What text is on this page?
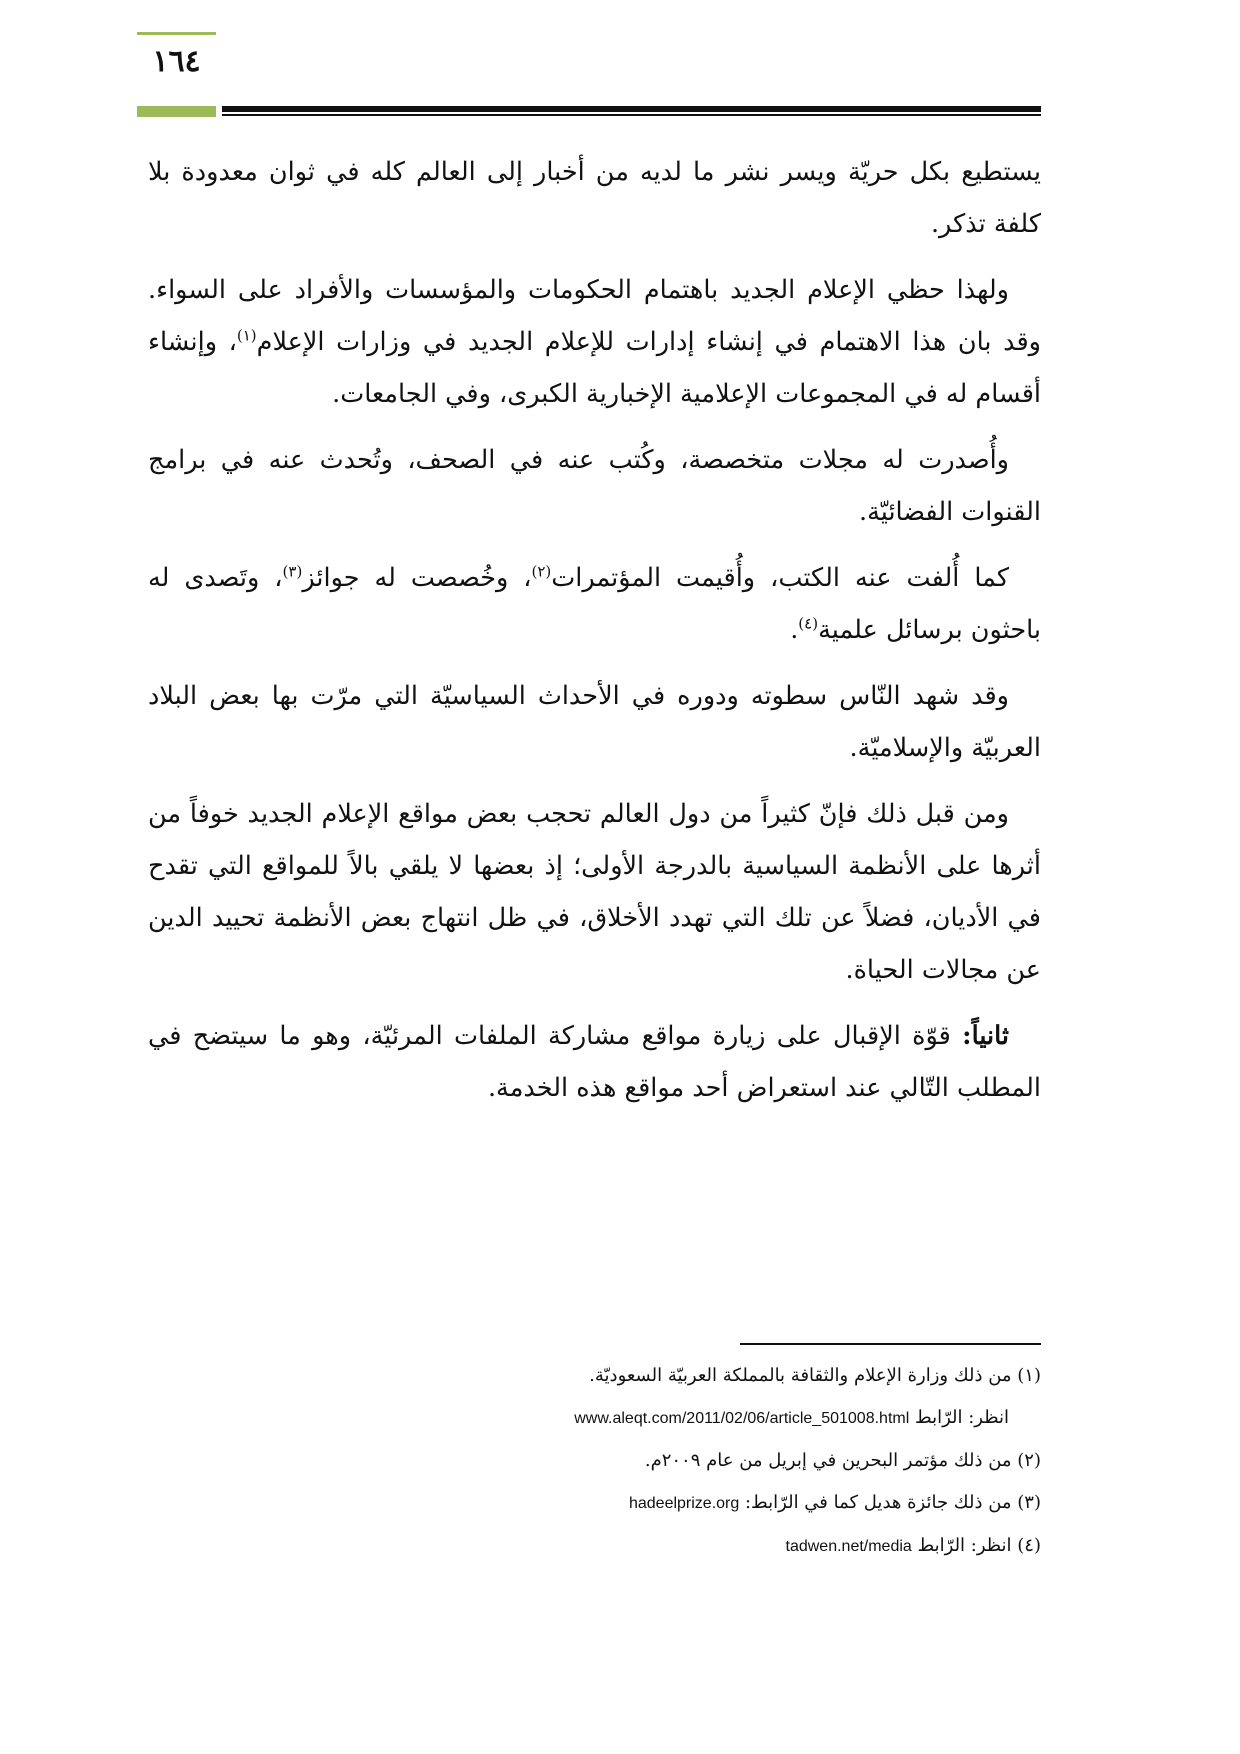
١٦٤

يستطيع بكل حريّة ويسر نشر ما لديه من أخبار إلى العالم كله في ثوان معدودة بلا كلفة تذكر.

ولهذا حظي الإعلام الجديد باهتمام الحكومات والمؤسسات والأفراد على السواء. وقد بان هذا الاهتمام في إنشاء إدارات للإعلام الجديد في وزارات الإعلام$^{(١)}$، وإنشاء أقسام له في المجموعات الإعلامية الإخبارية الكبرى، وفي الجامعات.

وأُصدرت له مجلات متخصصة، وكُتب عنه في الصحف، وتُحدث عنه في برامج القنوات الفضائيّة.

كما أُلفت عنه الكتب، وأُقيمت المؤتمرات$^{(٢)}$، وخُصصت له جوائز$^{(٣)}$، وتَصدى له باحثون برسائل علمية$^{(٤)}$.

وقد شهد النّاس سطوته ودوره في الأحداث السياسيّة التي مرّت بها بعض البلاد العربيّة والإسلاميّة.

ومن قبل ذلك فإنّ كثيراً من دول العالم تحجب بعض مواقع الإعلام الجديد خوفاً من أثرها على الأنظمة السياسية بالدرجة الأولى؛ إذ بعضها لا يلقي بالاً للمواقع التي تقدح في الأديان، فضلاً عن تلك التي تهدد الأخلاق، في ظل انتهاج بعض الأنظمة تحييد الدين عن مجالات الحياة.

ثانياً: قوّة الإقبال على زيارة مواقع مشاركة الملفات المرئيّة، وهو ما سيتضح في المطلب التّالي عند استعراض أحد مواقع هذه الخدمة.

(١) من ذلك وزارة الإعلام والثقافة بالمملكة العربيّة السعوديّة.

انظر: الرّابط www.aleqt.com/2011/02/06/article_501008.html

(٢) من ذلك مؤتمر البحرين في إبريل من عام ٢٠٠٩م.

(٣) من ذلك جائزة هديل كما في الرّابط: hadeelprize.org

(٤) انظر: الرّابط tadwen.net/media
